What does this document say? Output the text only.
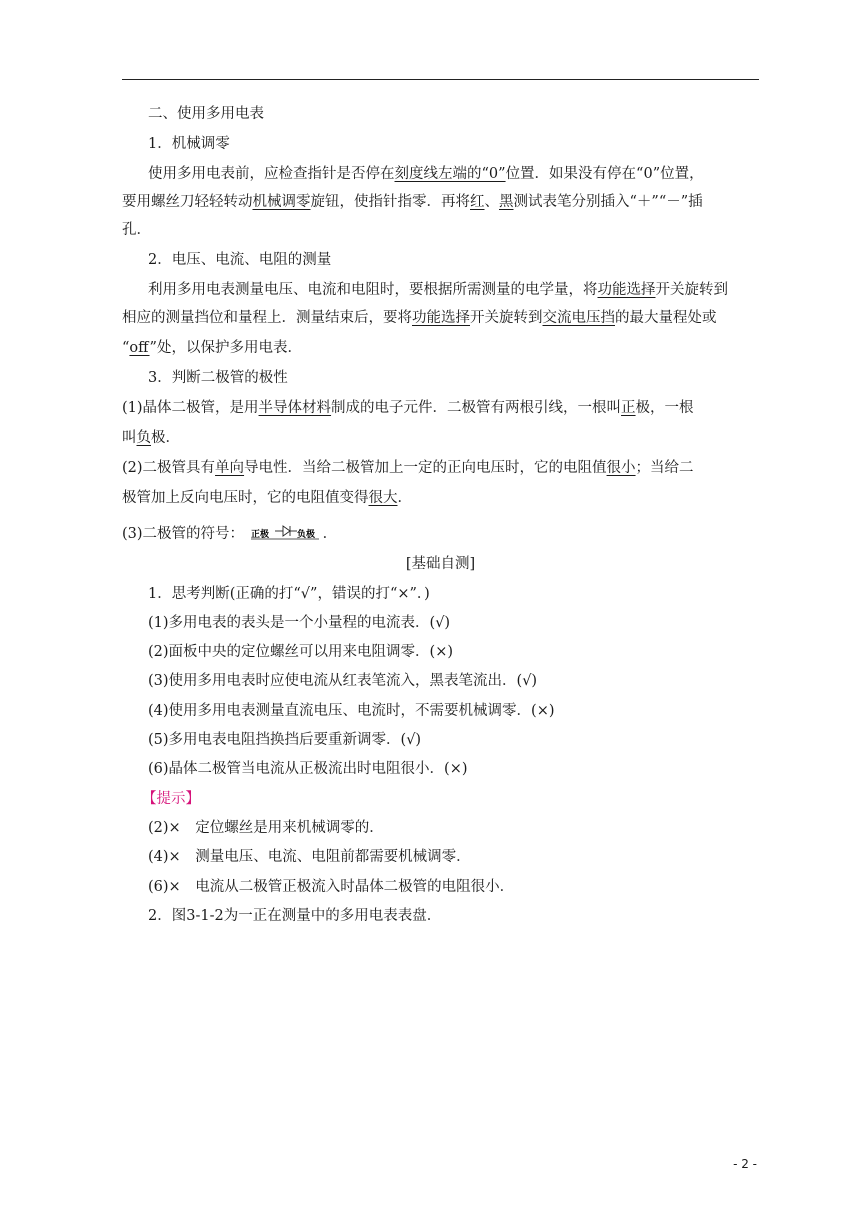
二、使用多用电表
1．机械调零
使用多用电表前，应检查指针是否停在刻度线左端的“0”位置．如果没有停在“0”位置，
要用螺丝刀轻轻转动机械调零旋钮，使指针指零．再将红、黑测试表笔分别插入“＋”“－”插
孔．
2．电压、电流、电阻的测量
利用多用电表测量电压、电流和电阻时，要根据所需测量的电学量，将功能选择开关旋转到
相应的测量挡位和量程上．测量结束后，要将功能选择开关旋转到交流电压挡的最大量程处或
“off”处，以保护多用电表．
3．判断二极管的极性
(1)晶体二极管，是用半导体材料制成的电子元件．二极管有两根引线，一根叫正极，一根
叫负极．
(2)二极管具有单向导电性．当给二极管加上一定的正向电压时，它的电阻值很小；当给二
极管加上反向电压时，它的电阻值变得很大．
(3)二极管的符号： 正极	负极 ．
[基础自测]
1．思考判断(正确的打“√”，错误的打“×”．)
(1)多用电表的表头是一个小量程的电流表．(√)
(2)面板中央的定位螺丝可以用来电阻调零．(×)
(3)使用多用电表时应使电流从红表笔流入，黑表笔流出．(√)
(4)使用多用电表测量直流电压、电流时，不需要机械调零．(×)
(5)多用电表电阻挡换挡后要重新调零．(√)
(6)晶体二极管当电流从正极流出时电阻很小．(×)
【提示】
(2)×　定位螺丝是用来机械调零的．
(4)×　测量电压、电流、电阻前都需要机械调零．
(6)×　电流从二极管正极流入时晶体二极管的电阻很小．
2．图3-1-2为一正在测量中的多用电表表盘．
- 2 -
